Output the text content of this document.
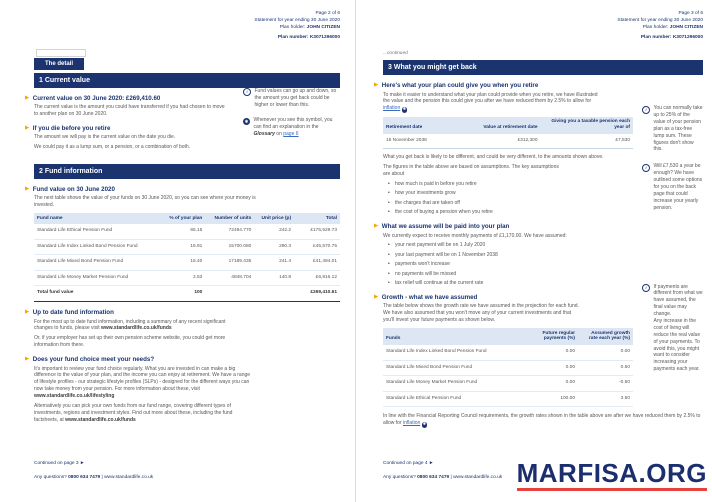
Page 2 of 6
Statement for year ending 30 June 2020
Plan holder: JOHN CITIZEN
Plan number: K3071296000
The detail
1 Current value
▶ Current value on 30 June 2020: £269,410.60

The current value is the amount you could have transferred if you had chosen to move to another plan on 30 June 2020.

▶ If you die before you retire

The amount we will pay is the current value on the date you die.

We could pay it as a lump sum, or a pension, or a combination of both.

i	Fund values can go up and down, so the amount you get back could be higher or lower than this.
✱	Whenever you see this symbol, you can find an explanation in the Glossary on page 6
2 Fund information
▶ Fund value on 30 June 2020

The next table shows the value of your funds on 30 June 2020, so you can see where your money is invested.

Fund name	% of your plan	Number of units	Unit price (p)	Total
Standard Life Ethical Pension Fund	65.15	72494.770	242.2	£175,529.73
Standard Life Index Linked Bond Pension Fund	16.91	15700.080	290.3	£45,570.75
Standard Life Mixed Bond Pension Fund	15.40	17189.435	241.4	£41,494.01
Standard Life Money Market Pension Fund	2.53	4848.704	140.8	£6,816.12
Total fund value	100			£269,410.61
▶ Up to date fund information

For the most up to date fund information, including a summary of any recent significant changes to funds, please visit www.standardlife.co.uk/funds

Or, if your employer has set up their own pension scheme website, you could get more information from there.

▶ Does your fund choice meet your needs?

It's important to review your fund choice regularly. What you are invested in can make a big difference to the value of your plan, and the income you can enjoy at retirement. We have a range of lifestyle profiles - our strategic lifestyle profiles (SLPs) - designed for the different ways you can now take money from your pension. For more information about these, visit www.standardlife.co.uk/lifestyling

Alternatively you can pick your own funds from our fund range, covering different types of investments, regions and investment styles. Find out more about these, including the fund factsheets, at www.standardlife.co.uk/funds

Continued on page 3 ►
Any questions? 0800 634 7479 | www.standardlife.co.uk
Page 3 of 6
Statement for year ending 30 June 2020
Plan holder: JOHN CITIZEN
Plan number: K3071296000
...continued
3 What you might get back
▶ Here's what your plan could give you when you retire

To make it easier to understand what your plan could provide when you retire, we have illustrated the value and the pension this could give you after we have reduced them by 2.5% to allow for inflation ✱

Retirement date	Value at retirement date	Giving you a taxable pension each year of
16 November 2038	£312,300	£7,530

What you get back is likely to be different, and could be very different, to the amounts shown above.

The figures in the table above are based on assumptions. The key assumptions are about

• how much is paid in before you retire
• how your investments grow
• the charges that are taken off
• the cost of buying a pension when you retire
▶ What we assume will be paid into your plan

We currently expect to receive monthly payments of £1,170.00. We have assumed:

• your next payment will be on 1 July 2020
• your last payment will be on 1 November 2038
• payments won't increase
• no payments will be missed
• tax relief will continue at the current rate
▶ Growth - what we have assumed

The table below shows the growth rate we have assumed in the projection for each fund. We have also assumed that you won't move any of your current investments and that you'll invest your future payments as shown below.

Funds	Future regular payments (%)	Assumed growth rate each year (%)
Standard Life Index Linked Bond Pension Fund	0.00	0.00
Standard Life Mixed Bond Pension Fund	0.00	0.50
Standard Life Money Market Pension Fund	0.00	-0.50
Standard Life Ethical Pension Fund	100.00	3.50
i	You can normally take up to 25% of the value of your pension plan as a tax-free lump sum. These figures don't show this.
i	Will £7,530 a year be enough? We have outlined some options for you on the back page that could increase your yearly pension.
i	If payments are different from what we have assumed, the final value may change.
Any increase in the cost of living will reduce the real value of your payments. To avoid this, you might want to consider increasing your payments each year.

In line with the Financial Reporting Council requirements, the growth rates shown in the table above are after we have reduced them by 2.5% to allow for inflation ✱

Continued on page 4 ►
Any questions? 0800 634 7479 | www.standardlife.co.uk MARFISA.ORG
